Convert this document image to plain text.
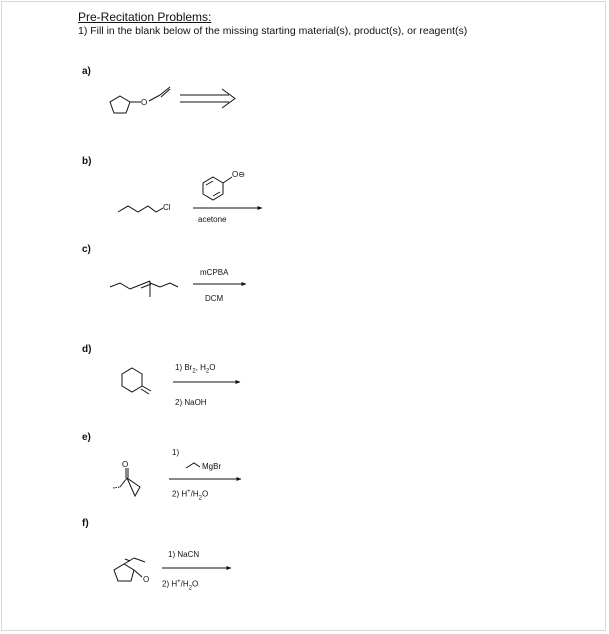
Pre-Recitation Problems:
1) Fill in the blank below of the missing starting material(s), product(s), or reagent(s)
a)
b)
c)
d)
e)
f)
acetone
mCPBA
DCM
1) $Br_2$, $H_2O$
2) NaOH
1)
MgBr
2) $H^+/H_2O$
1) NaCN
2) $H^+/H_2O$
O
Cl
O⊖
O
O
